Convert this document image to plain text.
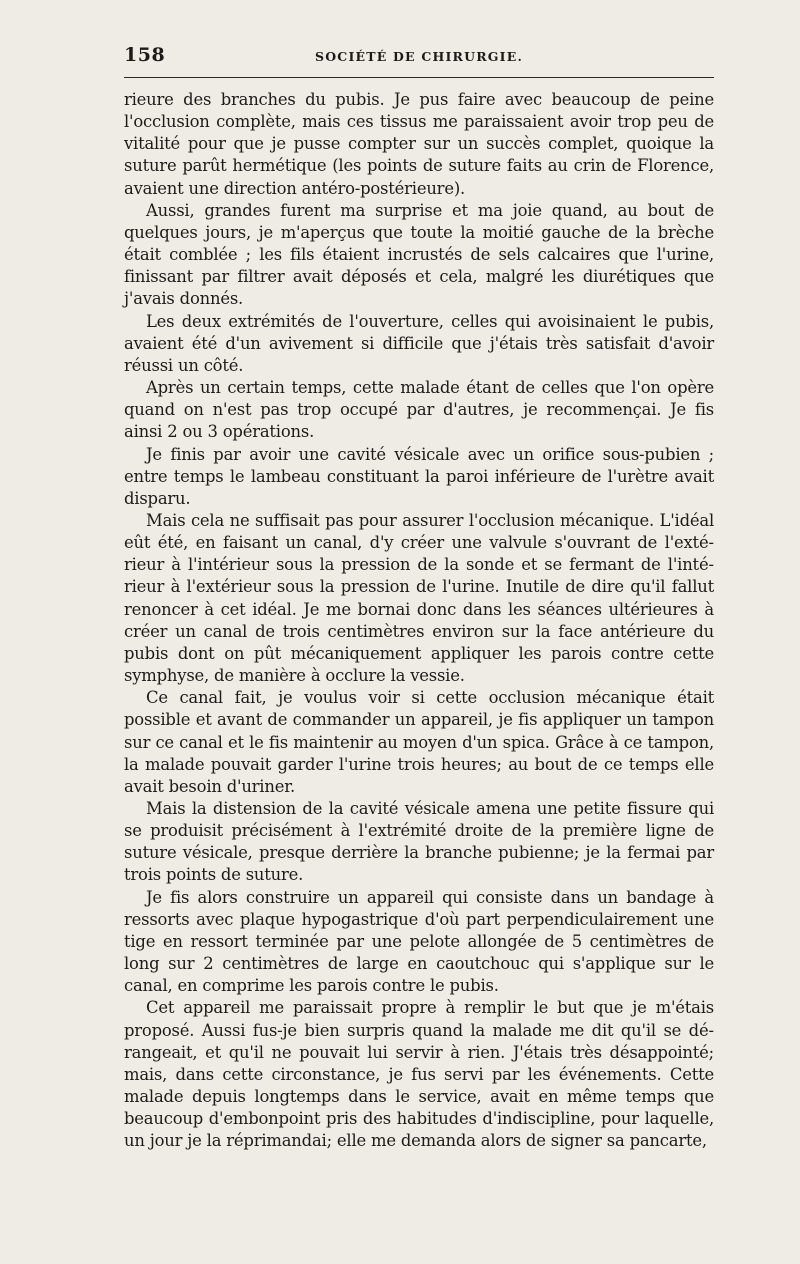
158	SOCIÉTÉ DE CHIRURGIE.

rieure des branches du pubis. Je pus faire avec beaucoup de peine l'occlusion complète, mais ces tissus me paraissaient avoir trop peu de vitalité pour que je pusse compter sur un succès complet, quoique la suture parût hermétique (les points de suture faits au crin de Florence, avaient une direction antéro-postérieure).

Aussi, grandes furent ma surprise et ma joie quand, au bout de quelques jours, je m'aperçus que toute la moitié gauche de la brèche était comblée ; les fils étaient incrustés de sels calcaires que l'urine, finissant par filtrer avait déposés et cela, malgré les diurétiques que j'avais donnés.

Les deux extrémités de l'ouverture, celles qui avoisinaient le pubis, avaient été d'un avivement si difficile que j'étais très satisfait d'avoir réussi un côté.

Après un certain temps, cette malade étant de celles que l'on opère quand on n'est pas trop occupé par d'autres, je recommençai. Je fis ainsi 2 ou 3 opérations.

Je finis par avoir une cavité vésicale avec un orifice sous-pubien ; entre temps le lambeau constituant la paroi inférieure de l'urètre avait disparu.

Mais cela ne suffisait pas pour assurer l'occlusion mécanique. L'idéal eût été, en faisant un canal, d'y créer une valvule s'ouvrant de l'extérieur à l'intérieur sous la pression de la sonde et se fermant de l'intérieur à l'extérieur sous la pression de l'urine. Inutile de dire qu'il fallut renoncer à cet idéal. Je me bornai donc dans les séances ultérieures à créer un canal de trois centimètres environ sur la face antérieure du pubis dont on pût mécaniquement appliquer les parois contre cette symphyse, de manière à occlure la vessie.

Ce canal fait, je voulus voir si cette occlusion mécanique était possible et avant de commander un appareil, je fis appliquer un tampon sur ce canal et le fis maintenir au moyen d'un spica. Grâce à ce tampon, la malade pouvait garder l'urine trois heures; au bout de ce temps elle avait besoin d'uriner.

Mais la distension de la cavité vésicale amena une petite fissure qui se produisit précisément à l'extrémité droite de la première ligne de suture vésicale, presque derrière la branche pubienne; je la fermai par trois points de suture.

Je fis alors construire un appareil qui consiste dans un bandage à ressorts avec plaque hypogastrique d'où part perpendiculairement une tige en ressort terminée par une pelote allongée de 5 centimètres de long sur 2 centimètres de large en caoutchouc qui s'applique sur le canal, en comprime les parois contre le pubis.

Cet appareil me paraissait propre à remplir le but que je m'étais proposé. Aussi fus-je bien surpris quand la malade me dit qu'il se dérangeait, et qu'il ne pouvait lui servir à rien. J'étais très désappointé; mais, dans cette circonstance, je fus servi par les événements. Cette malade depuis longtemps dans le service, avait en même temps que beaucoup d'embonpoint pris des habitudes d'indiscipline, pour laquelle, un jour je la réprimandai; elle me demanda alors de signer sa pancarte,
